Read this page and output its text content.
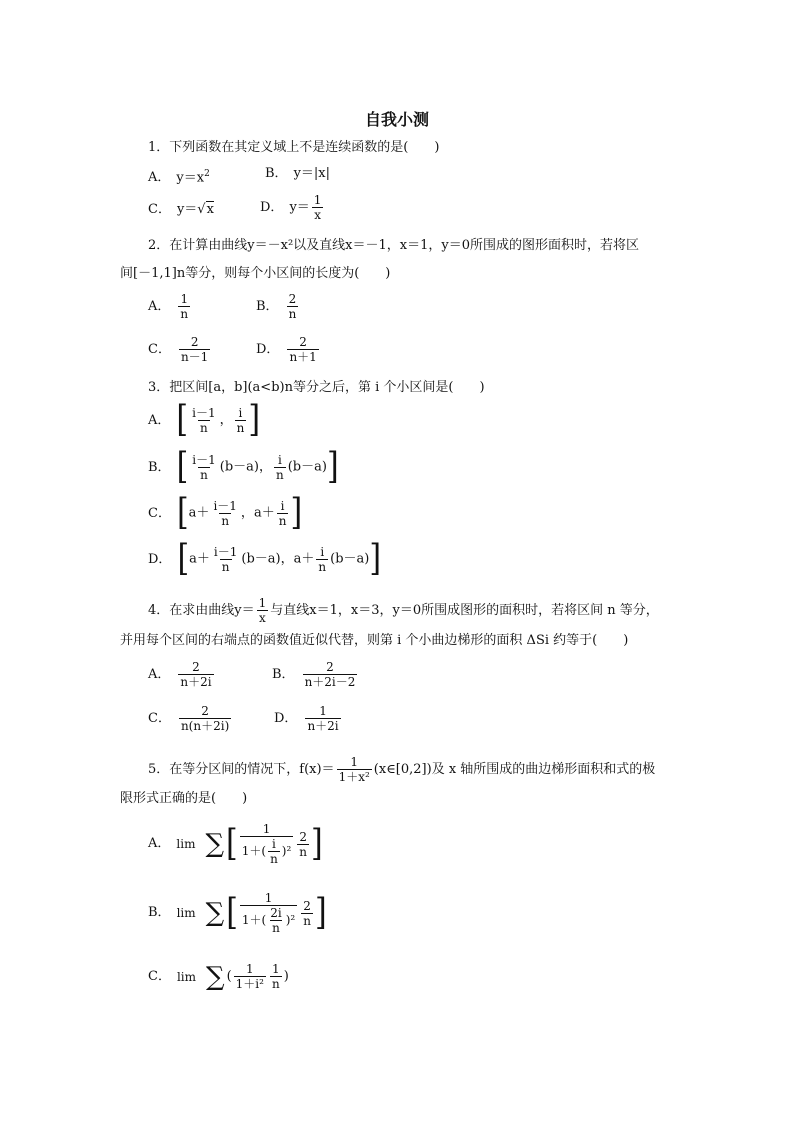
自我小测
1．下列函数在其定义域上不是连续函数的是(　　)
A． $y=x^2$	B． y＝|x|
C． y＝√x	D． $y= \frac{1}{x}$
2．在计算由曲线y＝－x²以及直线x＝－1，x＝1，y＝0所围成的图形面积时，若将区
间[－1,1]n等分，则每个小区间的长度为(　　)
A． $\frac{1}{n}$	B． $\frac{2}{n}$
C． $\frac{2}{n-1}$	D． $\frac{2}{n+1}$
3．把区间[a，b](a<b)n等分之后，第 i 个小区间是(　　)
A． [ $\frac{i-1}{n}$ ， $\frac{i}{n}$ ]
B． [ $\frac{i-1}{n} (b-a)$， $\frac{i}{n} (b-a)$]
C． [$a+ \frac{i-1}{n}$ ，$a+ \frac{i}{n}$ ]
D． [$a+ \frac{i-1}{n} (b-a)$，$a+ \frac{i}{n} (b-a)$]
4．在求由曲线$y= \frac{1}{x}$ 与直线x＝1，x＝3，y＝0所围成图形的面积时，若将区间 n 等分，
并用每个区间的右端点的函数值近似代替，则第 i 个小曲边梯形的面积 ΔSi 约等于(　　)
A． $\frac{2}{n+2i}$	B． $\frac{2}{n+2i-2}$
C． $\frac{2}{n(n+2i)}$	D． $\frac{1}{n+2i}$
5．在等分区间的情况下，$f(x)= \frac{1}{\text{1＋x²}}$ (x∈[0,2])及 x 轴所围成的曲边梯形面积和式的极
限形式正确的是(　　)
A． lim ∑ [ $\frac{1}{1+( \frac{i}{n} )^2} \frac{2}{n}$ ]
B． lim ∑ [ $\frac{1}{1+( \frac{2i}{n} )^2} \frac{2}{n}$ ]
C． lim ∑ ( $\frac{1}{\text{1＋i²}} \frac{1}{n}$ )
